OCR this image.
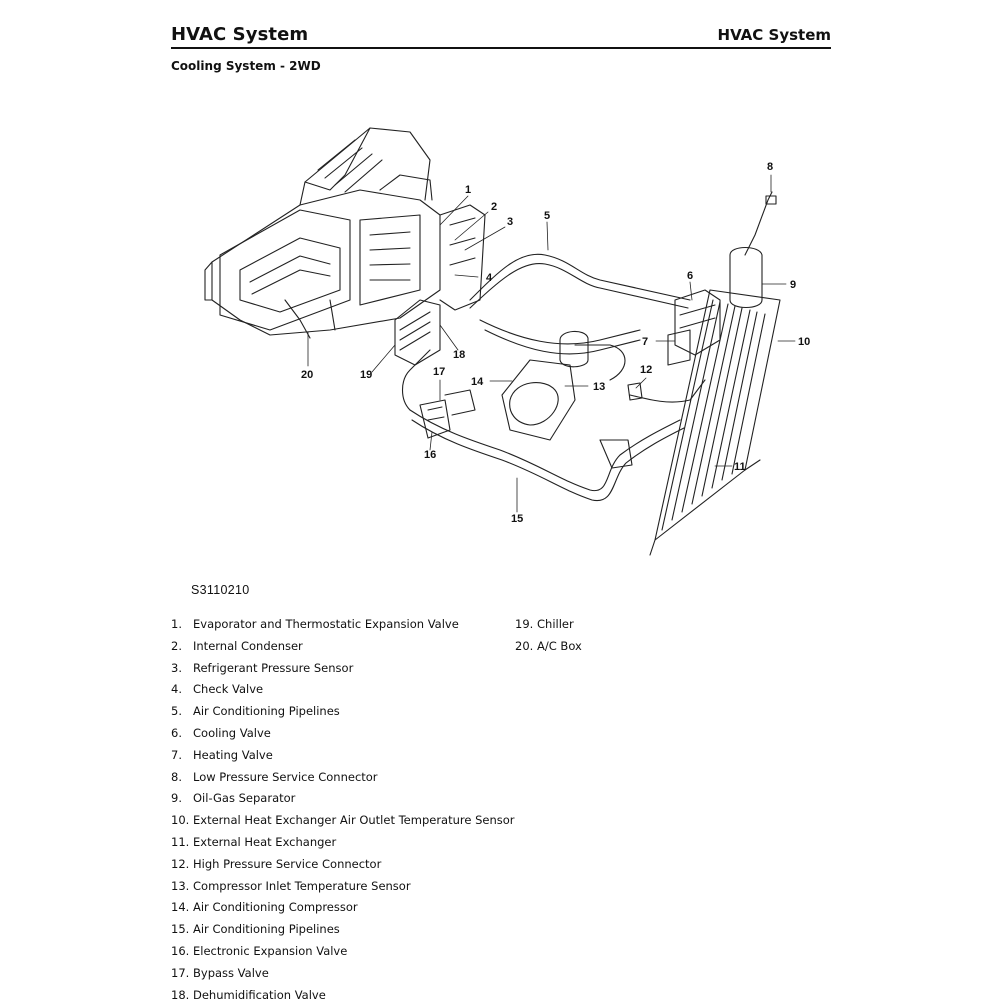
HVAC System	HVAC System
Cooling System - 2WD
1
2
3
4
5
6
7
8
9
10
11
12
13
14
15
16
17
18
19
20
S3110210
1. Evaporator and Thermostatic Expansion Valve
2. Internal Condenser
3. Refrigerant Pressure Sensor
4. Check Valve
5. Air Conditioning Pipelines
6. Cooling Valve
7. Heating Valve
8. Low Pressure Service Connector
9. Oil-Gas Separator
10. External Heat Exchanger Air Outlet Temperature Sensor
11. External Heat Exchanger
12. High Pressure Service Connector
13. Compressor Inlet Temperature Sensor
14. Air Conditioning Compressor
15. Air Conditioning Pipelines
16. Electronic Expansion Valve
17. Bypass Valve
18. Dehumidification Valve
19. Chiller
20. A/C Box
